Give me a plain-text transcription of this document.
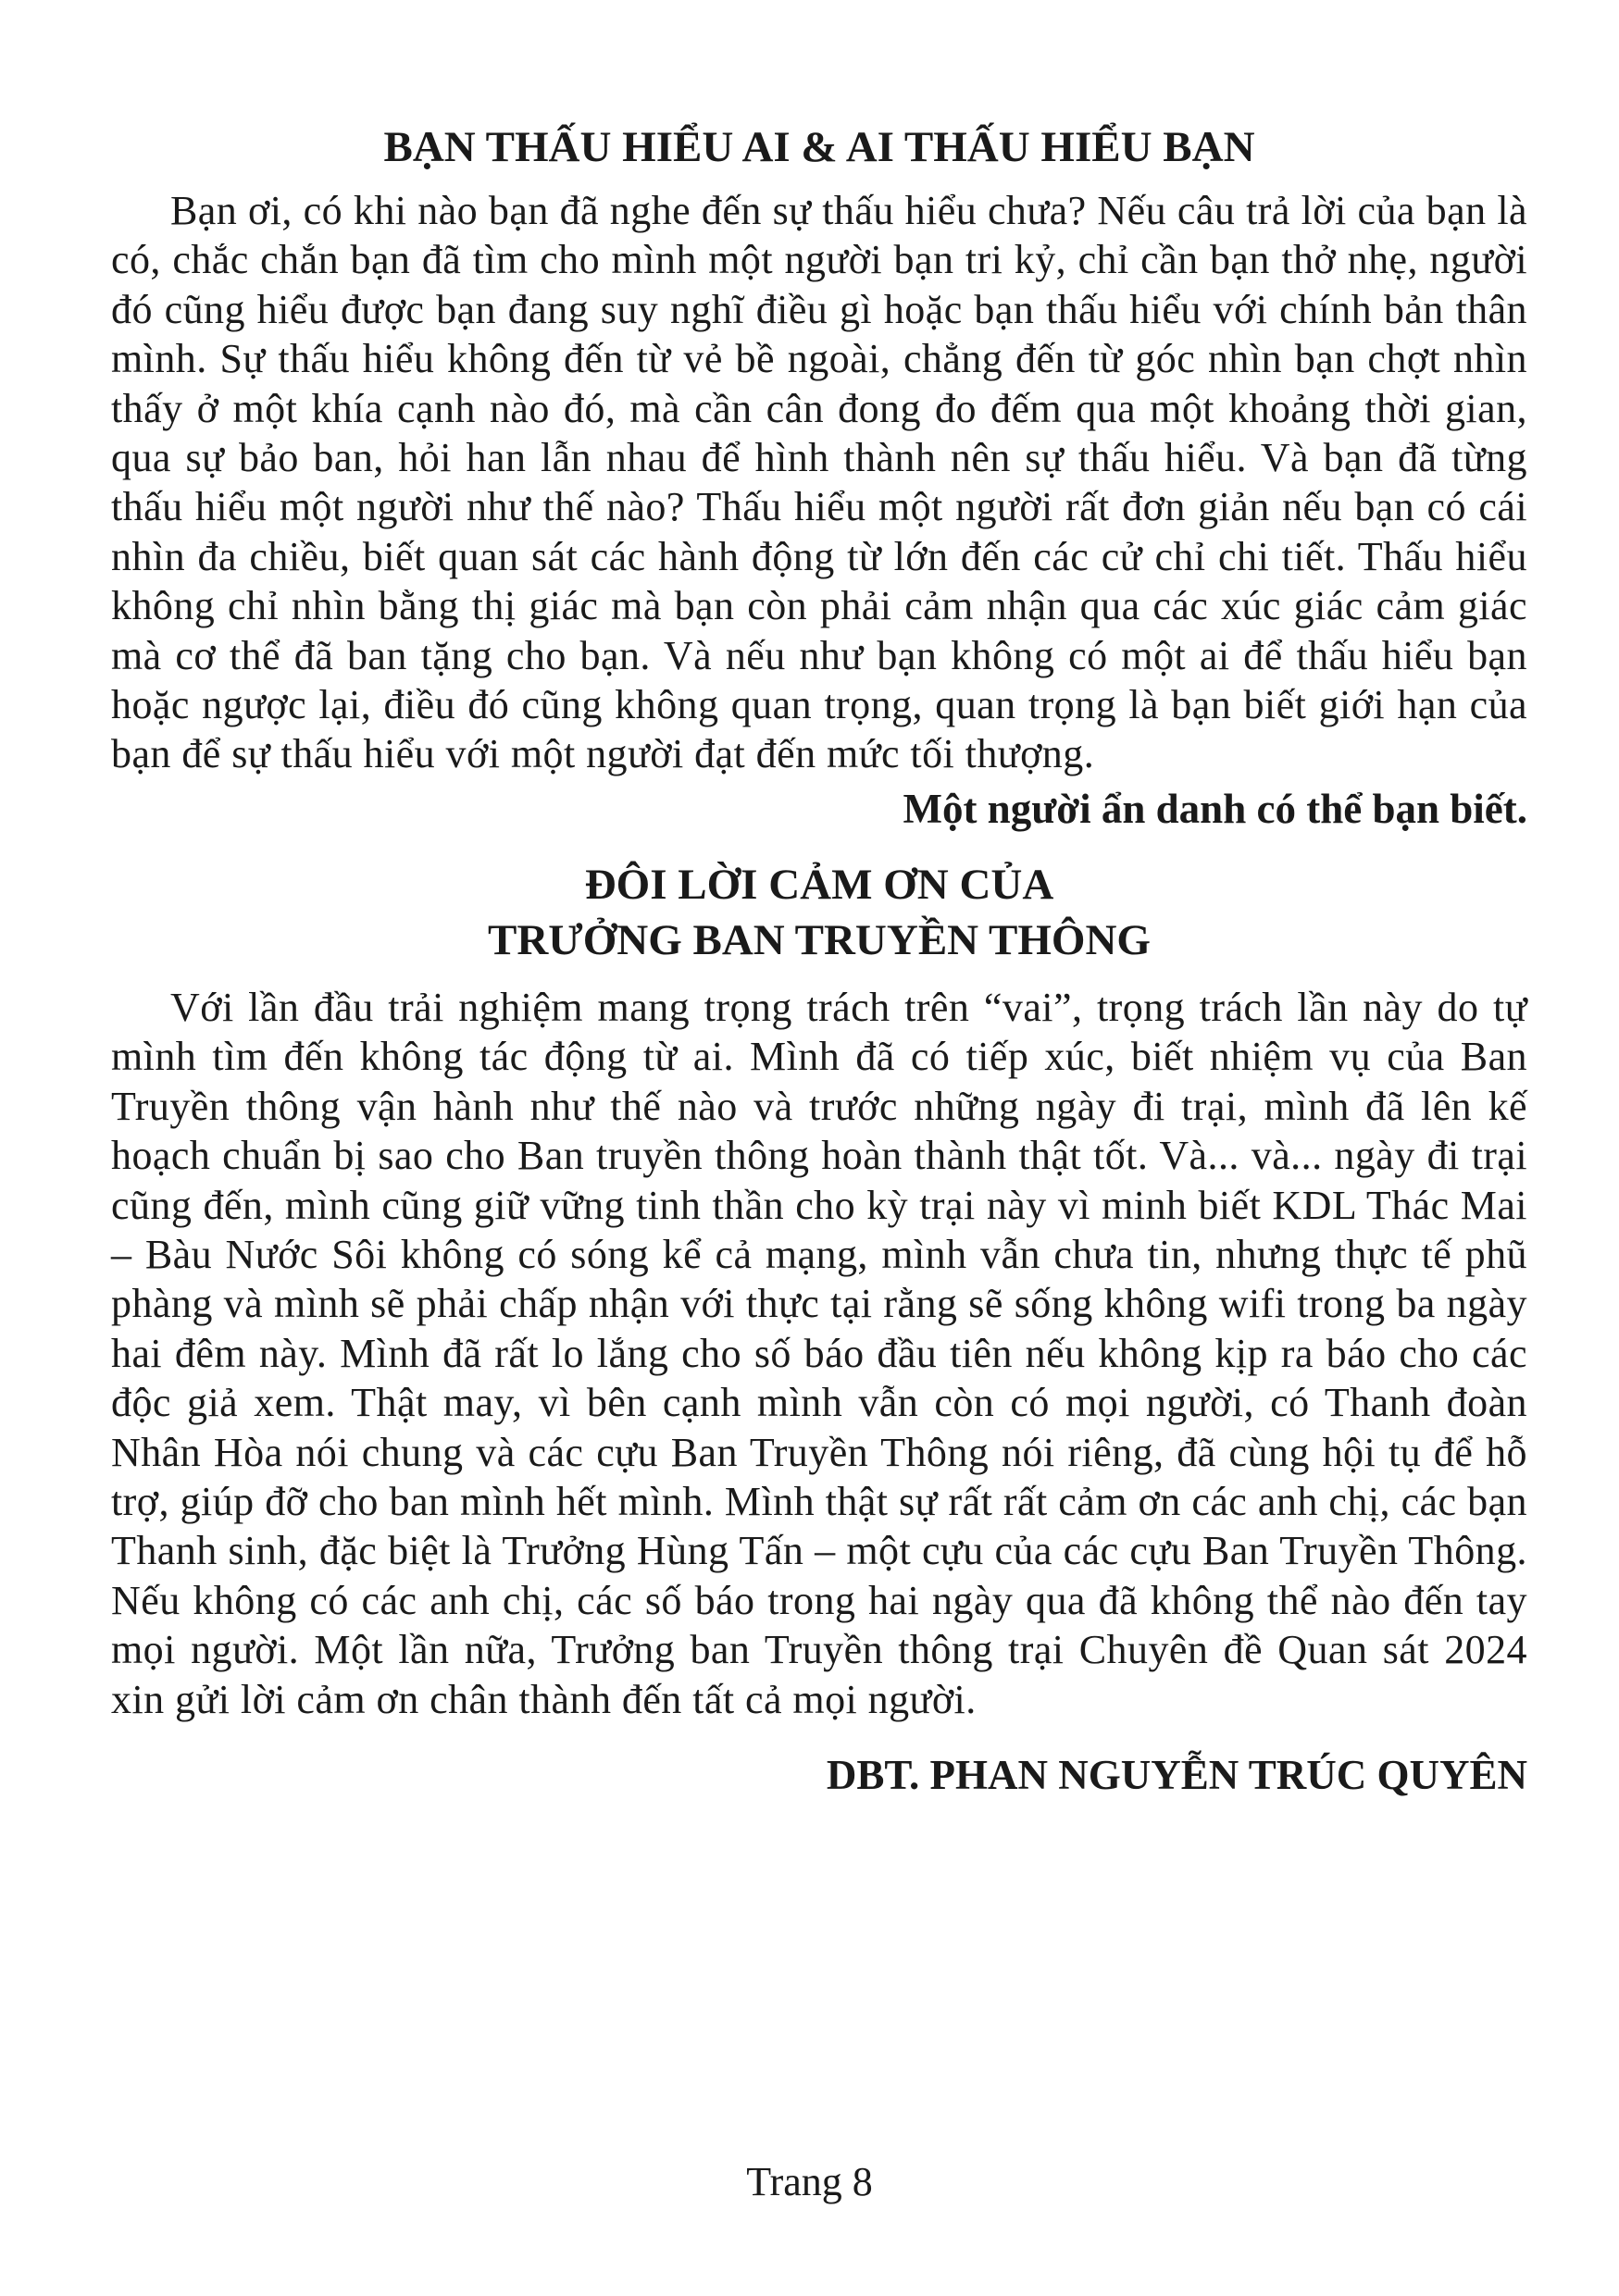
BẠN THẤU HIỂU AI & AI THẤU HIỂU BẠN

Bạn ơi, có khi nào bạn đã nghe đến sự thấu hiểu chưa? Nếu câu trả lời của bạn là có, chắc chắn bạn đã tìm cho mình một người bạn tri kỷ, chỉ cần bạn thở nhẹ, người đó cũng hiểu được bạn đang suy nghĩ điều gì hoặc bạn thấu hiểu với chính bản thân mình. Sự thấu hiểu không đến từ vẻ bề ngoài, chẳng đến từ góc nhìn bạn chợt nhìn thấy ở một khía cạnh nào đó, mà cần cân đong đo đếm qua một khoảng thời gian, qua sự bảo ban, hỏi han lẫn nhau để hình thành nên sự thấu hiểu. Và bạn đã từng thấu hiểu một người như thế nào? Thấu hiểu một người rất đơn giản nếu bạn có cái nhìn đa chiều, biết quan sát các hành động từ lớn đến các cử chỉ chi tiết. Thấu hiểu không chỉ nhìn bằng thị giác mà bạn còn phải cảm nhận qua các xúc giác cảm giác mà cơ thể đã ban tặng cho bạn. Và nếu như bạn không có một ai để thấu hiểu bạn hoặc ngược lại, điều đó cũng không quan trọng, quan trọng là bạn biết giới hạn của bạn để sự thấu hiểu với một người đạt đến mức tối thượng.

Một người ẩn danh có thể bạn biết.

ĐÔI LỜI CẢM ƠN CỦA
TRƯỞNG BAN TRUYỀN THÔNG

Với lần đầu trải nghiệm mang trọng trách trên “vai”, trọng trách lần này do tự mình tìm đến không tác động từ ai. Mình đã có tiếp xúc, biết nhiệm vụ của Ban Truyền thông vận hành như thế nào và trước những ngày đi trại, mình đã lên kế hoạch chuẩn bị sao cho Ban truyền thông hoàn thành thật tốt. Và... và... ngày đi trại cũng đến, mình cũng giữ vững tinh thần cho kỳ trại này vì minh biết KDL Thác Mai – Bàu Nước Sôi không có sóng kể cả mạng, mình vẫn chưa tin, nhưng thực tế phũ phàng và mình sẽ phải chấp nhận với thực tại rằng sẽ sống không wifi trong ba ngày hai đêm này. Mình đã rất lo lắng cho số báo đầu tiên nếu không kịp ra báo cho các độc giả xem. Thật may, vì bên cạnh mình vẫn còn có mọi người, có Thanh đoàn Nhân Hòa nói chung và các cựu Ban Truyền Thông nói riêng, đã cùng hội tụ để hỗ trợ, giúp đỡ cho ban mình hết mình. Mình thật sự rất rất cảm ơn các anh chị, các bạn Thanh sinh, đặc biệt là Trưởng Hùng Tấn – một cựu của các cựu Ban Truyền Thông. Nếu không có các anh chị, các số báo trong hai ngày qua đã không thể nào đến tay mọi người. Một lần nữa, Trưởng ban Truyền thông trại Chuyên đề Quan sát 2024 xin gửi lời cảm ơn chân thành đến tất cả mọi người.

DBT. PHAN NGUYỄN TRÚC QUYÊN

Trang 8
